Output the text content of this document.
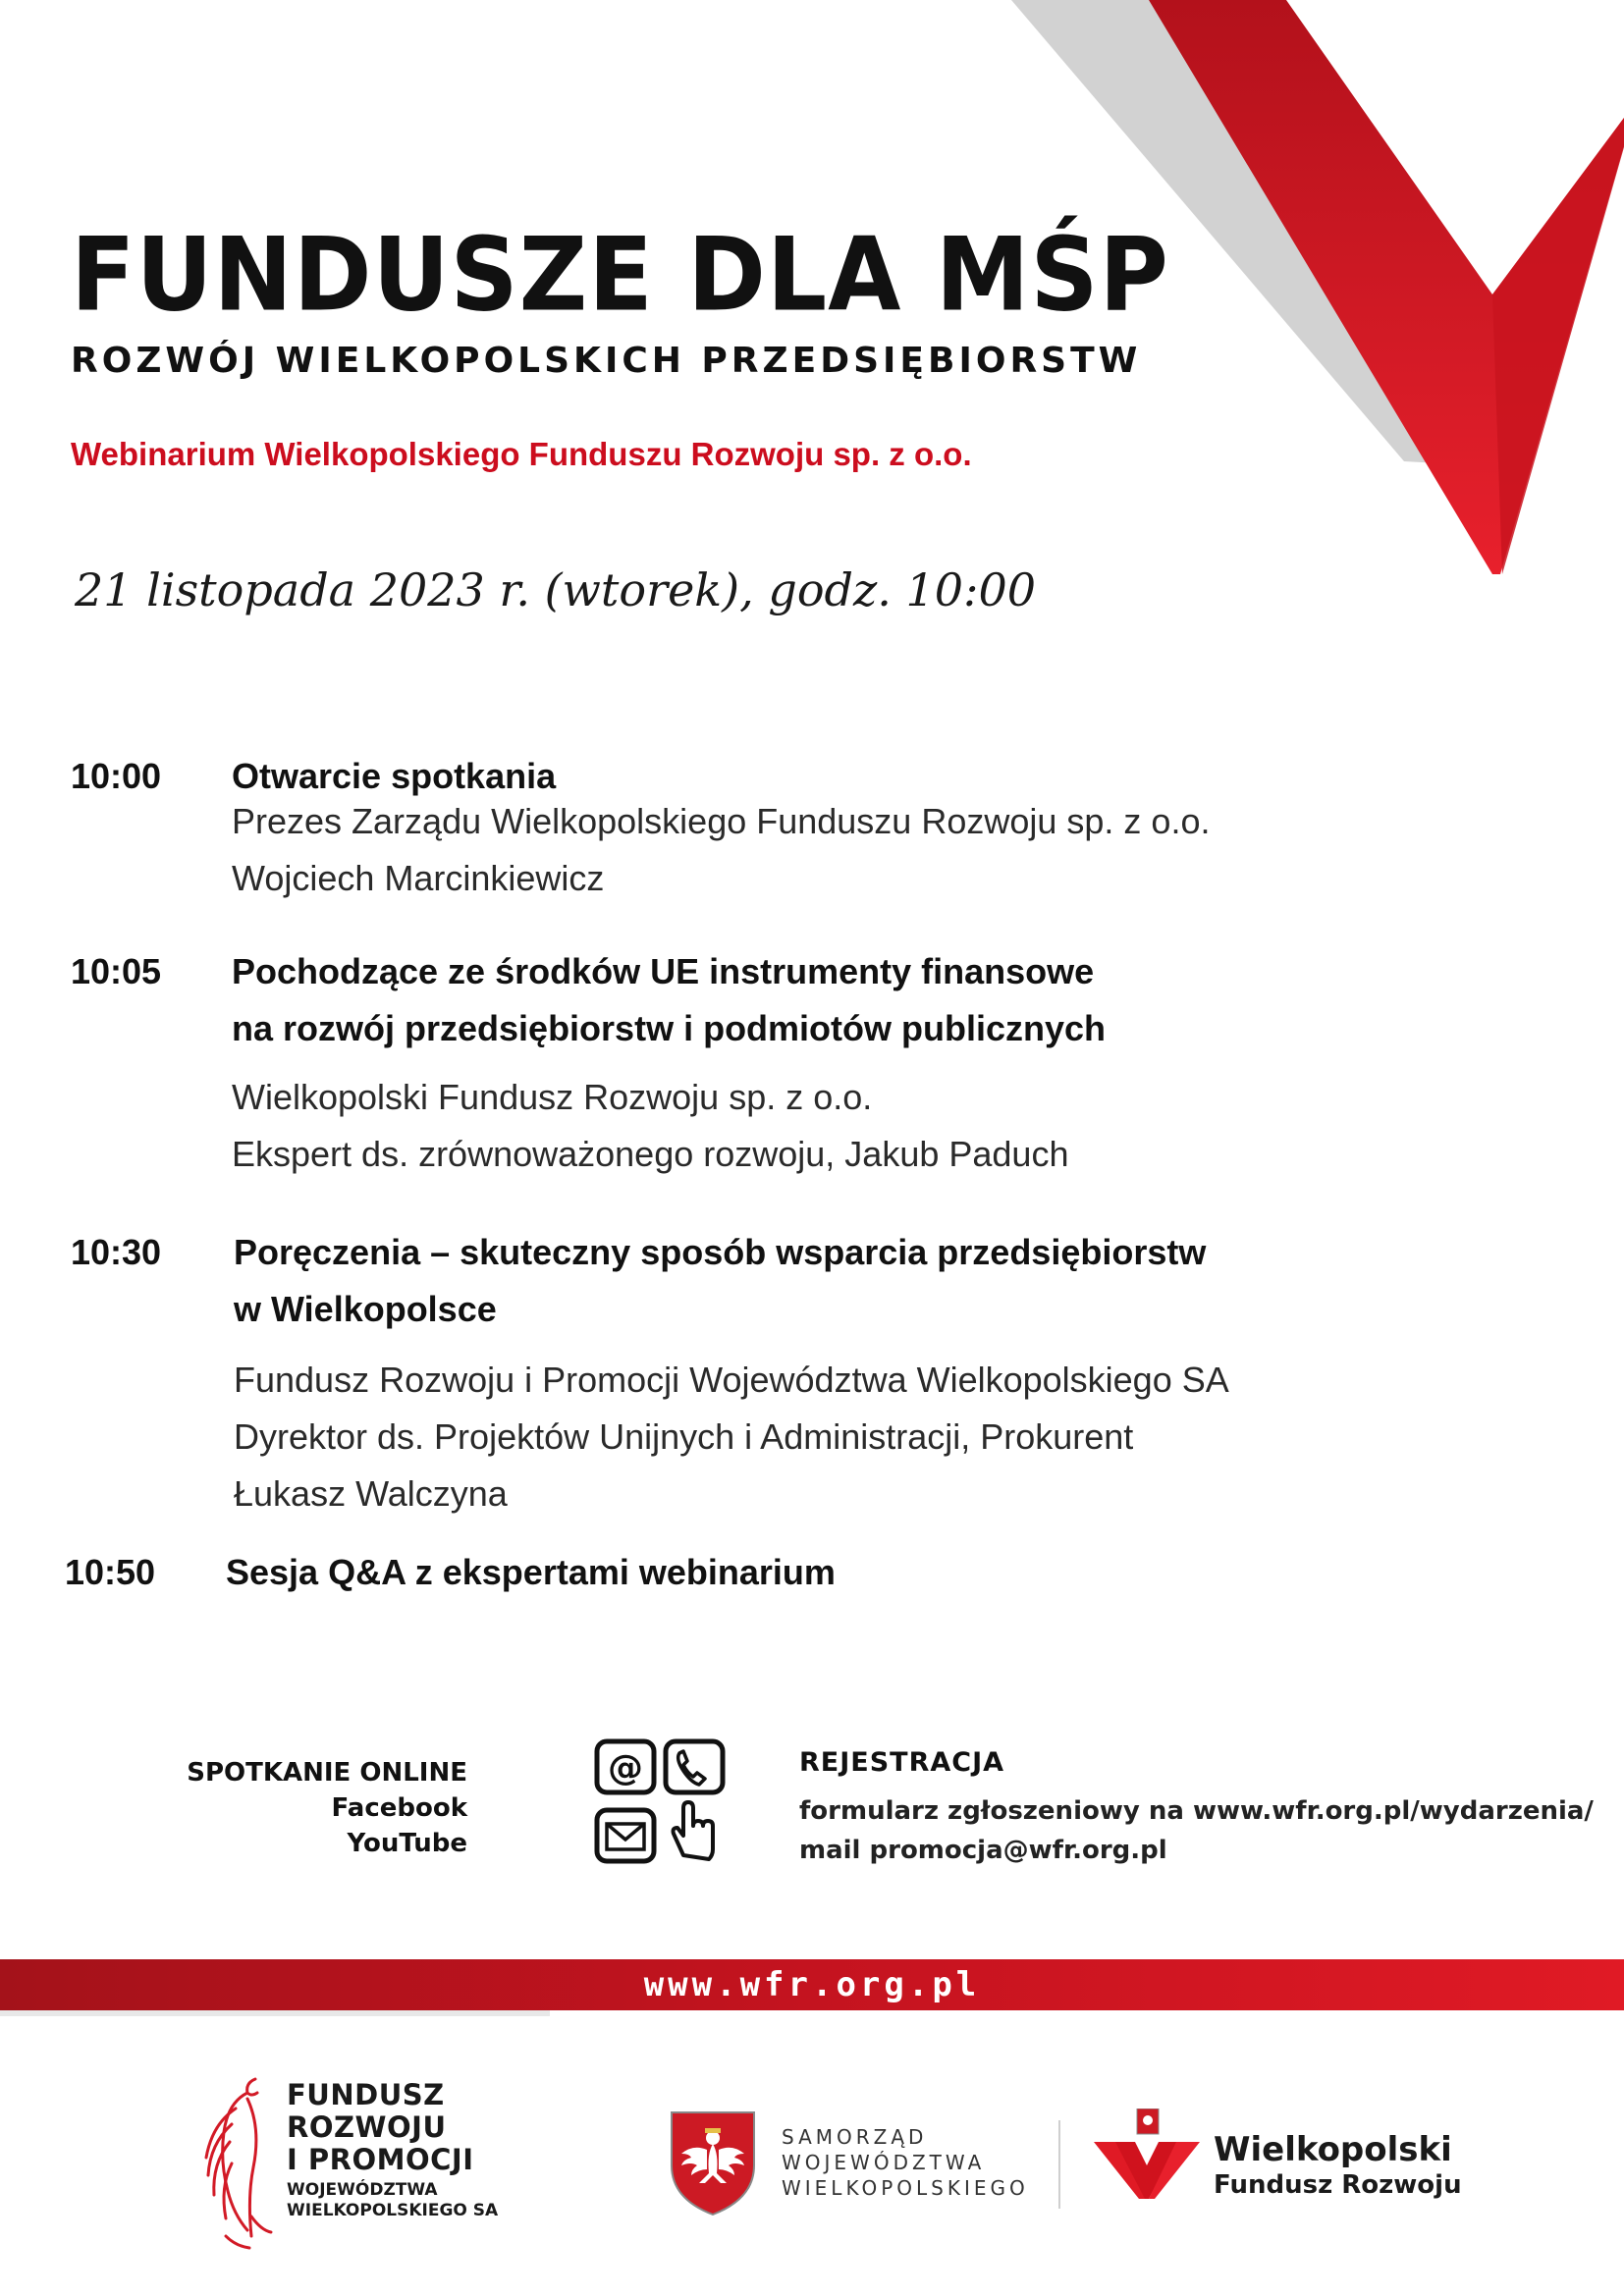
FUNDUSZE DLA MŚP
ROZWÓJ WIELKOPOLSKICH PRZEDSIĘBIORSTW
Webinarium Wielkopolskiego Funduszu Rozwoju sp. z o.o.
21 listopada 2023 r. (wtorek), godz. 10:00
10:00 Otwarcie spotkania
Prezes Zarządu Wielkopolskiego Funduszu Rozwoju sp. z o.o.
Wojciech Marcinkiewicz
10:05 Pochodzące ze środków UE instrumenty finansowe
na rozwój przedsiębiorstw i podmiotów publicznych
Wielkopolski Fundusz Rozwoju sp. z o.o.
Ekspert ds. zrównoważonego rozwoju, Jakub Paduch
10:30 Poręczenia – skuteczny sposób wsparcia przedsiębiorstw
w Wielkopolsce
Fundusz Rozwoju i Promocji Województwa Wielkopolskiego SA
Dyrektor ds. Projektów Unijnych i Administracji, Prokurent
Łukasz Walczyna
10:50 Sesja Q&A z ekspertami webinarium
SPOTKANIE ONLINE
Facebook
YouTube
@	REJESTRACJA
formularz zgłoszeniowy na www.wfr.org.pl/wydarzenia/
mail promocja@wfr.org.pl
www.wfr.org.pl
FUNDUSZ
ROZWOJU
I PROMOCJI
WOJEWÓDZTWA
WIELKOPOLSKIEGO SA
SAMORZĄD
WOJEWÓDZTWA
WIELKOPOLSKIEGO
Wielkopolski
Fundusz Rozwoju
